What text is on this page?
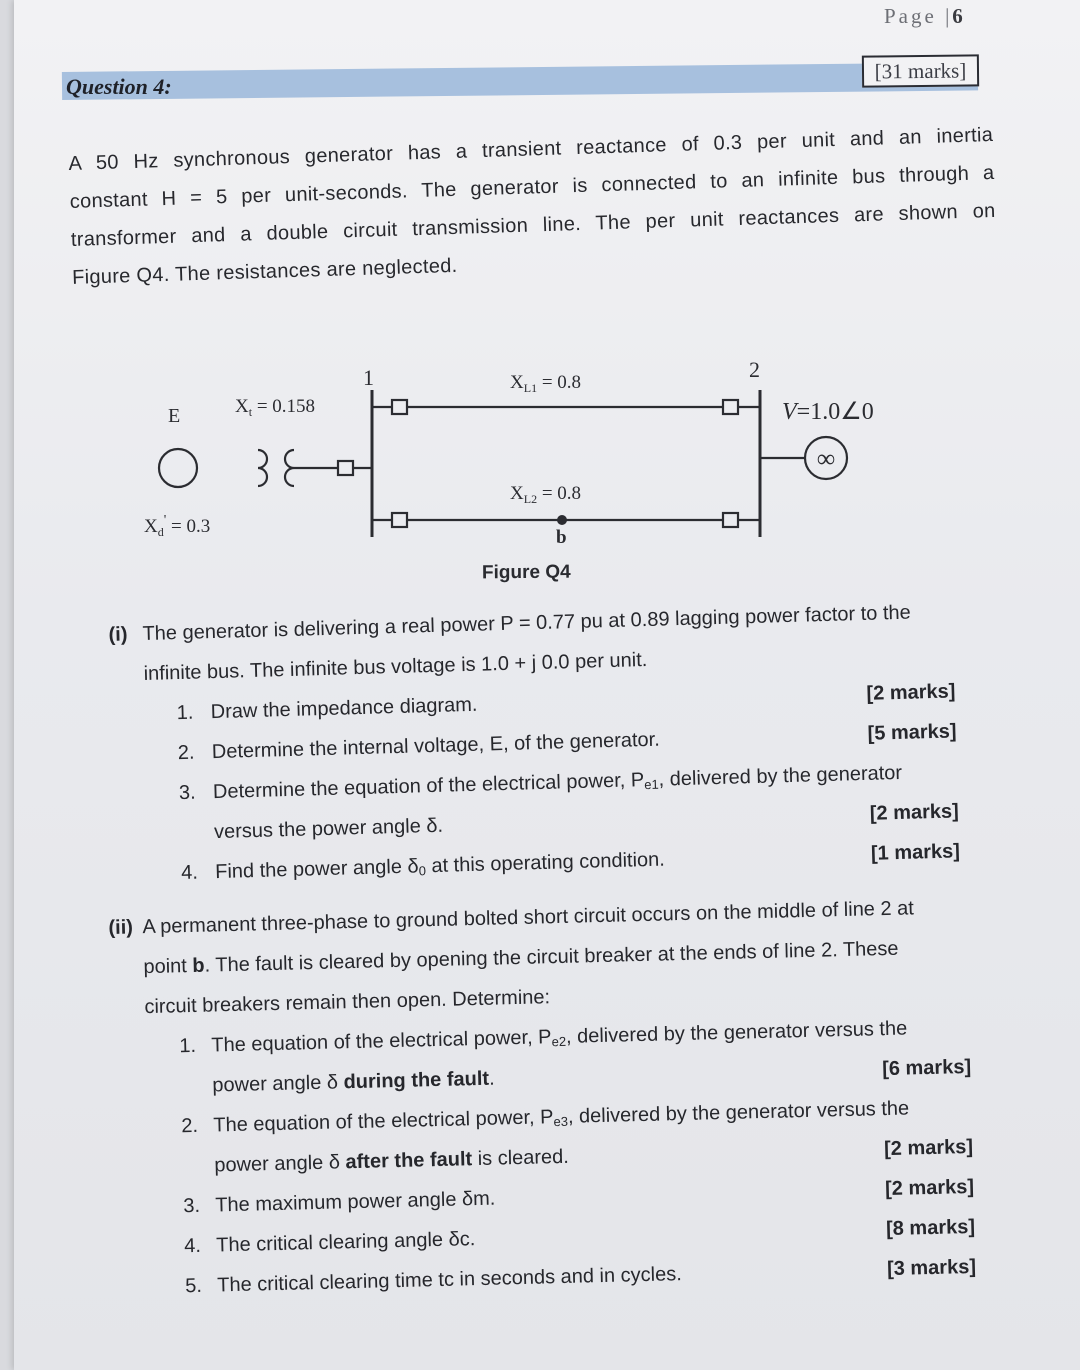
Page |6
Question 4:
[31 marks]

A 50 Hz synchronous generator has a transient reactance of 0.3 per unit and an inertia

constant H = 5 per unit-seconds. The generator is connected to an infinite bus through a

transformer and a double circuit transmission line. The per unit reactances are shown on

Figure Q4. The resistances are neglected.

E	$X_t = 0.158$
$X_d' = 0.3$
1	2
$X_{L1} = 0.8$
$X_{L2} = 0.8$
b
V=1.0∠0
∞
Figure Q4
(i) The generator is delivering a real power P = 0.77 pu at 0.89 lagging power factor to the
infinite bus. The infinite bus voltage is 1.0 + j 0.0 per unit.
1. Draw the impedance diagram.
[2 marks]
2. Determine the internal voltage, E, of the generator.	[5 marks]
3. Determine the equation of the electrical power, $P_{e1}$, delivered by the generator
versus the power angle δ.
[2 marks]
4. Find the power angle $\delta_0$ at this operating condition.	[1 marks]
(ii) A permanent three-phase to ground bolted short circuit occurs on the middle of line 2 at
point b. The fault is cleared by opening the circuit breaker at the ends of line 2. These
circuit breakers remain then open. Determine:
1. The equation of the electrical power, $P_{e2}$, delivered by the generator versus the
power angle δ during the fault.	[6 marks]
2. The equation of the electrical power, $P_{e3}$, delivered by the generator versus the
power angle δ after the fault is cleared.	[2 marks]
3. The maximum power angle δm.	[2 marks]
4. The critical clearing angle δc.
[8 marks]
5. The critical clearing time tc in seconds and in cycles.	[3 marks]
